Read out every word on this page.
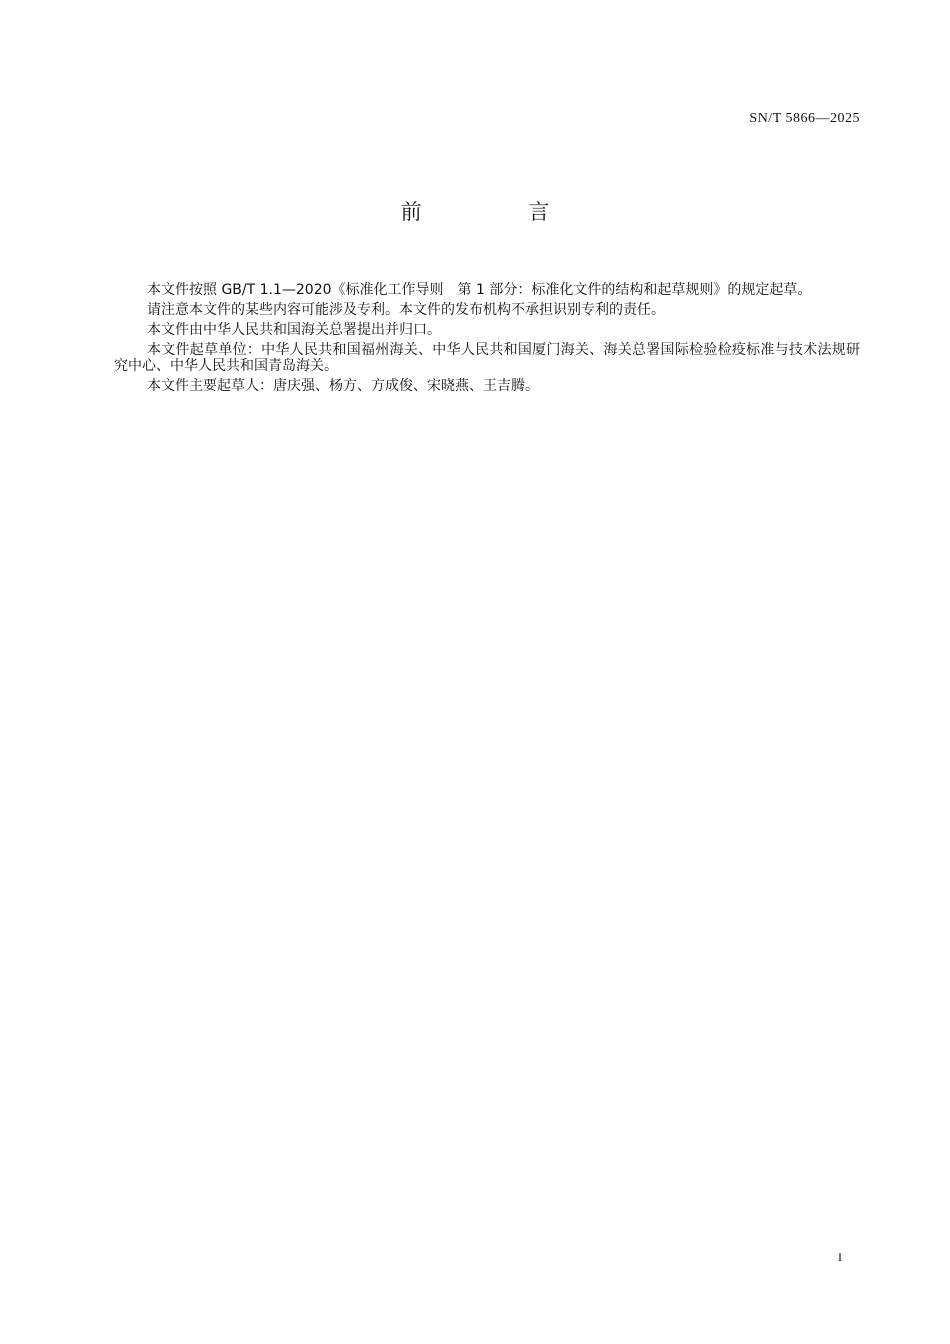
SN/T 5866—2025
前 言

本文件按照 GB/T 1.1—2020《标准化工作导则　第 1 部分：标准化文件的结构和起草规则》的规定起草。

请注意本文件的某些内容可能涉及专利。本文件的发布机构不承担识别专利的责任。

本文件由中华人民共和国海关总署提出并归口。

本文件起草单位：中华人民共和国福州海关、中华人民共和国厦门海关、海关总署国际检验检疫标准与技术法规研究中心、中华人民共和国青岛海关。

本文件主要起草人：唐庆强、杨方、方成俊、宋晓燕、王吉腾。

I
